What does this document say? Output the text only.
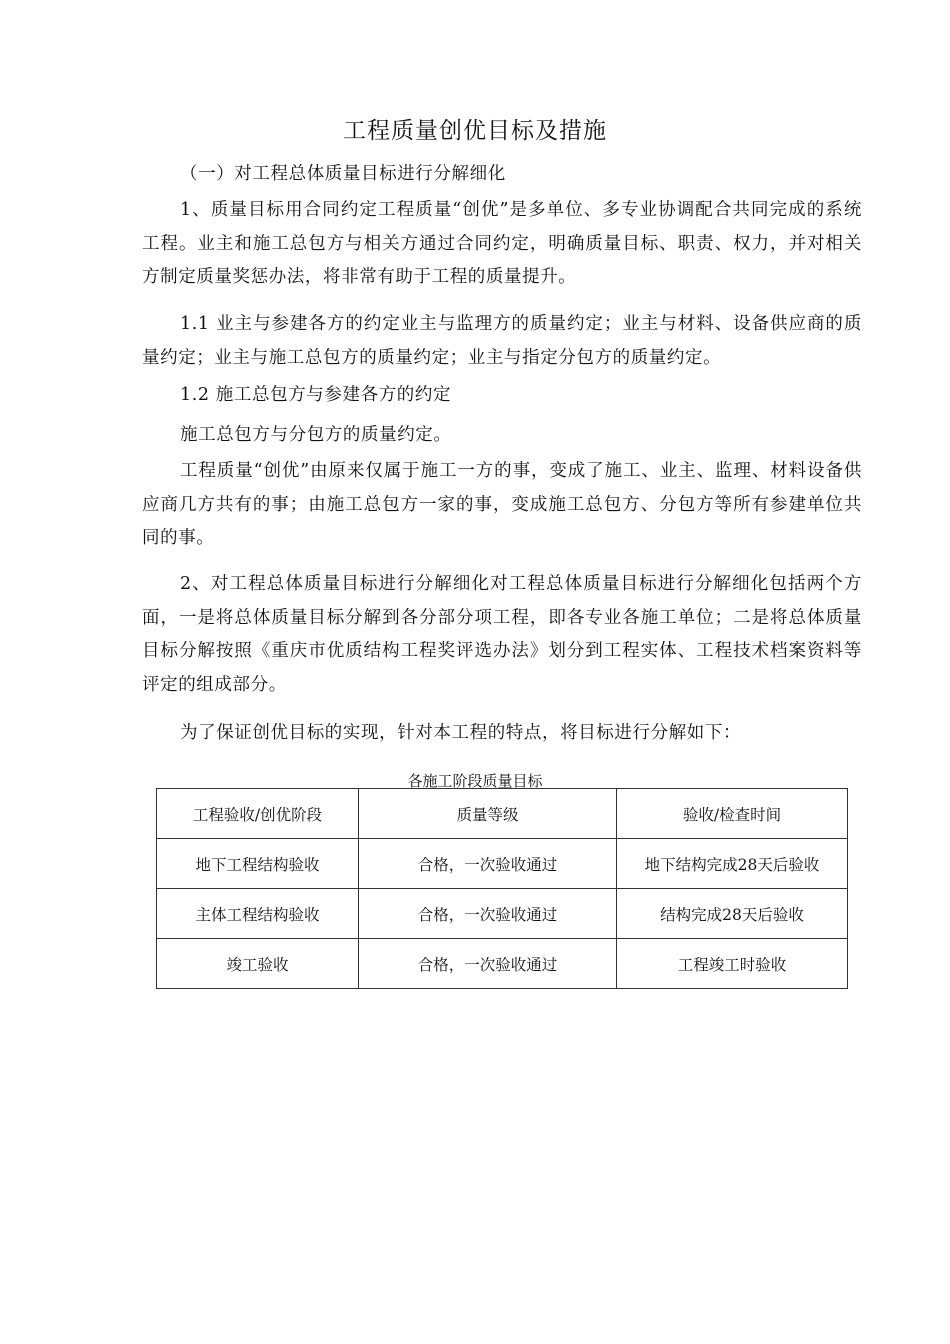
工程质量创优目标及措施
（一）对工程总体质量目标进行分解细化
1、质量目标用合同约定工程质量“创优”是多单位、多专业协调配合共同完成的系统工程。业主和施工总包方与相关方通过合同约定，明确质量目标、职责、权力，并对相关方制定质量奖惩办法，将非常有助于工程的质量提升。
1.1 业主与参建各方的约定业主与监理方的质量约定；业主与材料、设备供应商的质量约定；业主与施工总包方的质量约定；业主与指定分包方的质量约定。
1.2 施工总包方与参建各方的约定
施工总包方与分包方的质量约定。
工程质量“创优”由原来仅属于施工一方的事，变成了施工、业主、监理、材料设备供应商几方共有的事；由施工总包方一家的事，变成施工总包方、分包方等所有参建单位共同的事。
2、对工程总体质量目标进行分解细化对工程总体质量目标进行分解细化包括两个方面，一是将总体质量目标分解到各分部分项工程，即各专业各施工单位；二是将总体质量目标分解按照《重庆市优质结构工程奖评选办法》划分到工程实体、工程技术档案资料等评定的组成部分。
为了保证创优目标的实现，针对本工程的特点，将目标进行分解如下：
各施工阶段质量目标
工程验收/创优阶段	质量等级	验收/检查时间
地下工程结构验收	合格，一次验收通过	地下结构完成28天后验收
主体工程结构验收	合格，一次验收通过	结构完成28天后验收
竣工验收	合格，一次验收通过	工程竣工时验收
